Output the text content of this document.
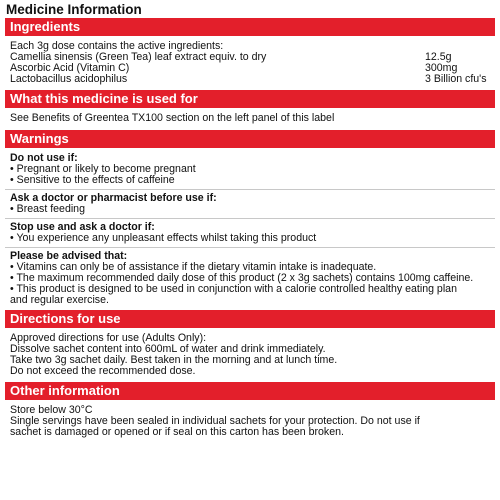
Medicine Information
Ingredients
Each 3g dose contains the active ingredients:
Camellia sinensis (Green Tea) leaf extract equiv. to dry	12.5g
Ascorbic Acid (Vitamin C)	300mg
Lactobacillus acidophilus	3 Billion cfu's
What this medicine is used for
See Benefits of Greentea TX100 section on the left panel of this label
Warnings
Do not use if:
• Pregnant or likely to become pregnant
• Sensitive to the effects of caffeine
Ask a doctor or pharmacist before use if:
• Breast feeding
Stop use and ask a doctor if:
• You experience any unpleasant effects whilst taking this product
Please be advised that:
• Vitamins can only be of assistance if the dietary vitamin intake is inadequate.
• The maximum recommended daily dose of this product (2 x 3g sachets) contains 100mg caffeine.
• This product is designed to be used in conjunction with a calorie controlled healthy eating plan
and regular exercise.
Directions for use
Approved directions for use (Adults Only):
Dissolve sachet content into 600mL of water and drink immediately.
Take two 3g sachet daily. Best taken in the morning and at lunch time.
Do not exceed the recommended dose.
Other information
Store below 30°C
Single servings have been sealed in individual sachets for your protection. Do not use if
sachet is damaged or opened or if seal on this carton has been broken.
